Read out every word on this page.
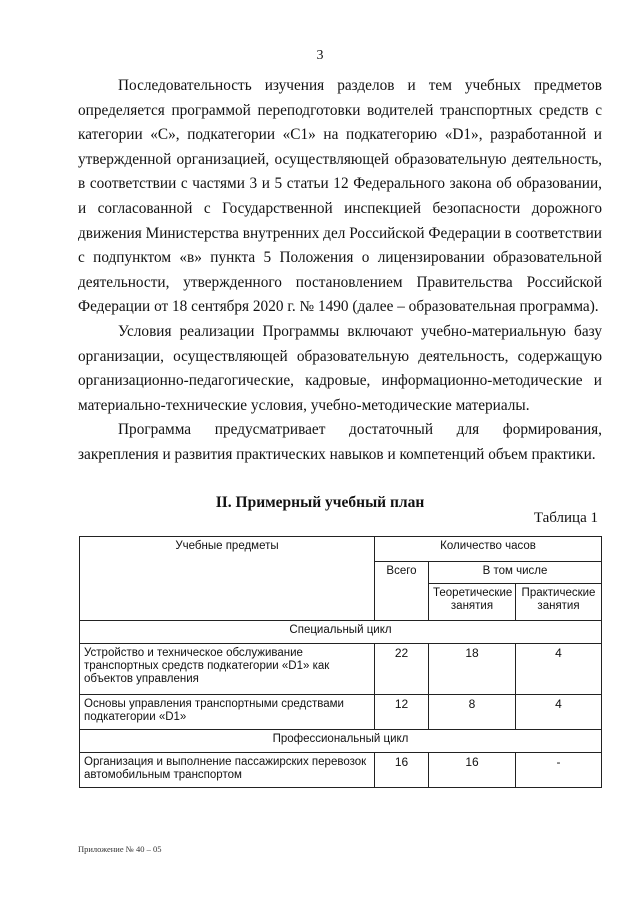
3

Последовательность изучения разделов и тем учебных предметов определяется программой переподготовки водителей транспортных средств с категории «C», подкатегории «C1» на подкатегорию «D1», разработанной и утвержденной организацией, осуществляющей образовательную деятельность, в соответствии с частями 3 и 5 статьи 12 Федерального закона об образовании, и согласованной с Государственной инспекцией безопасности дорожного движения Министерства внутренних дел Российской Федерации в соответствии с подпунктом «в» пункта 5 Положения о лицензировании образовательной деятельности, утвержденного постановлением Правительства Российской Федерации от 18 сентября 2020 г. № 1490 (далее – образовательная программа).

Условия реализации Программы включают учебно-материальную базу организации, осуществляющей образовательную деятельность, содержащую организационно-педагогические, кадровые, информационно-методические и материально-технические условия, учебно-методические материалы.

Программа предусматривает достаточный для формирования, закрепления и развития практических навыков и компетенций объем практики.

II. Примерный учебный план
Таблица 1
Учебные предметы	Количество часов		
	Всего	В том числе	
		Теоретические занятия	Практические занятия
Специальный цикл			
Устройство и техническое обслуживание транспортных средств подкатегории «D1» как объектов управления	22	18	4
Основы управления транспортными средствами подкатегории «D1»	12	8	4
Профессиональный цикл			
Организация и выполнение пассажирских перевозок автомобильным транспортом	16	16	-
Приложение № 40 – 05
